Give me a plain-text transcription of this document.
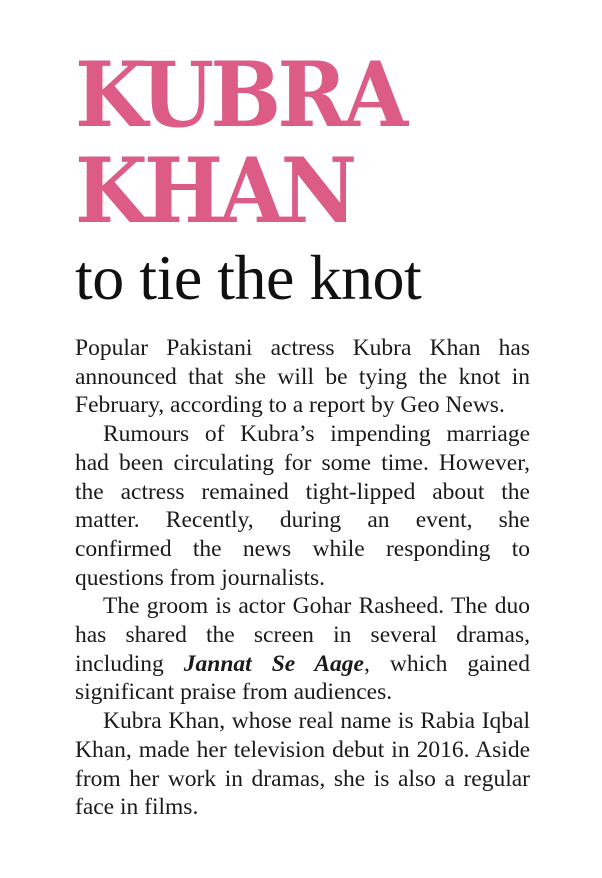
KUBRA
KHAN
to tie the knot

Popular Pakistani actress Kubra Khan has announced that she will be tying the knot in February, according to a report by Geo News.

Rumours of Kubra’s impending marriage had been circulating for some time. However, the actress remained tight-lipped about the matter. Recently, during an event, she confirmed the news while responding to questions from journalists.

The groom is actor Gohar Rasheed. The duo has shared the screen in several dramas, including Jannat Se Aage, which gained significant praise from audiences.

Kubra Khan, whose real name is Rabia Iqbal Khan, made her television debut in 2016. Aside from her work in dramas, she is also a regular face in films.
